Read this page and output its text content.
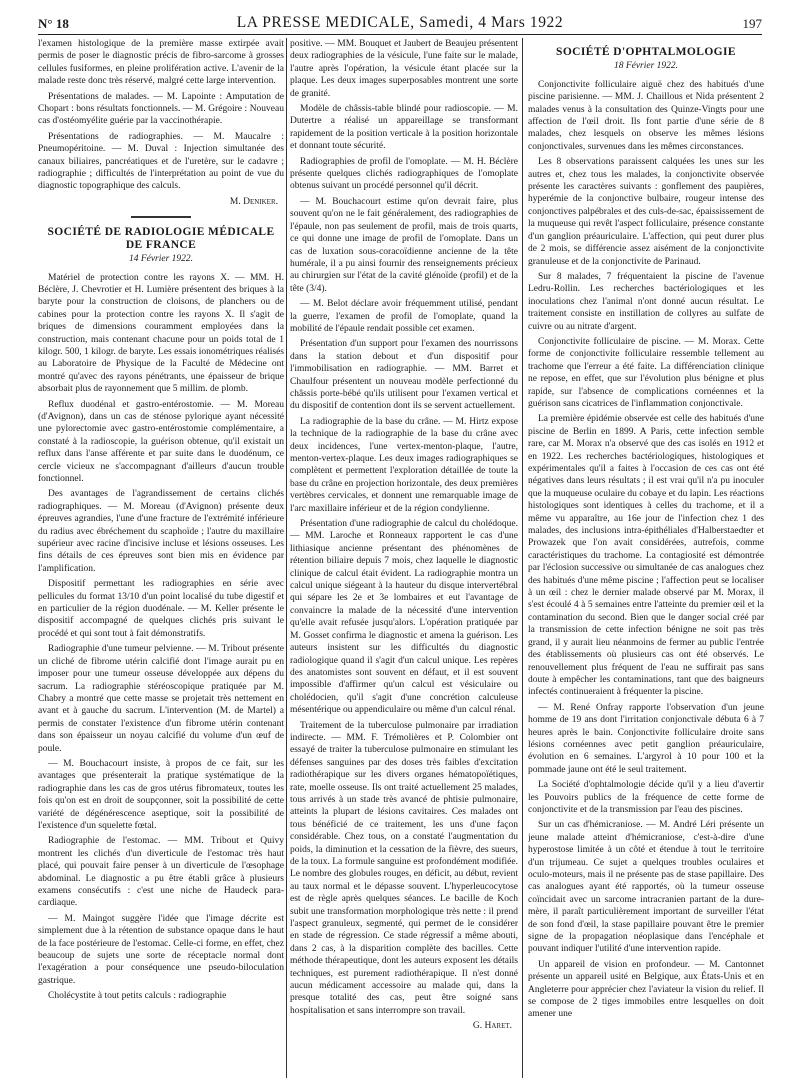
N° 18	LA PRESSE MEDICALE, Samedi, 4 Mars 1922	197

l'examen histologique de la première masse extirpée avait permis de poser le diagnostic précis de fibro-sarcome à grosses cellules fusiformes, en pleine prolifération active. L'avenir de la malade reste donc très réservé, malgré cette large intervention.

Présentations de malades. — M. Lapointe : Amputation de Chopart : bons résultats fonctionnels. — M. Grégoire : Nouveau cas d'ostéomyélite guérie par la vaccinothérapie.

Présentations de radiographies. — M. Maucalre : Pneumopéritoine. — M. Duval : Injection simultanée des canaux biliaires, pancréatiques et de l'uretère, sur le cadavre ; radiographie ; difficultés de l'interprétation au point de vue du diagnostic topographique des calculs.

M. Deniker.

SOCIÉTÉ DE RADIOLOGIE MÉDICALE DE FRANCE

14 Février 1922.

Matériel de protection contre les rayons X. — MM. H. Béclère, J. Chevrotier et H. Lumière présentent des briques à la baryte pour la construction de cloisons, de planchers ou de cabines pour la protection contre les rayons X. Il s'agit de briques de dimensions couramment employées dans la construction, mais contenant chacune pour un poids total de 1 kilogr. 500, 1 kilogr. de baryte. Les essais ionométriques réalisés au Laboratoire de Physique de la Faculté de Médecine ont montré qu'avec des rayons pénétrants, une épaisseur de brique absorbait plus de rayonnement que 5 millim. de plomb.

Reflux duodénal et gastro-entérostomie. — M. Moreau (d'Avignon), dans un cas de sténose pylorique ayant nécessité une pylorectomie avec gastro-entérostomie complémentaire, a constaté à la radioscopie, la guérison obtenue, qu'il existait un reflux dans l'anse afférente et par suite dans le duodénum, ce cercle vicieux ne s'accompagnant d'ailleurs d'aucun trouble fonctionnel.

Des avantages de l'agrandissement de certains clichés radiographiques. — M. Moreau (d'Avignon) présente deux épreuves agrandies, l'une d'une fracture de l'extrémité inférieure du radius avec ébréchement du scaphoïde ; l'autre du maxillaire supérieur avec racine d'incisive incluse et lésions osseuses. Les fins détails de ces épreuves sont bien mis en évidence par l'amplification.

Dispositif permettant les radiographies en série avec pellicules du format 13/10 d'un point localisé du tube digestif et en particulier de la région duodénale. — M. Keller présente le dispositif accompagné de quelques clichés pris suivant le procédé et qui sont tout à fait démonstratifs.

Radiographie d'une tumeur pelvienne. — M. Tribout présente un cliché de fibrome utérin calcifié dont l'image aurait pu en imposer pour une tumeur osseuse développée aux dépens du sacrum. La radiographie stéréoscopique pratiquée par M. Chabry a montré que cette masse se projetait très nettement en avant et à gauche du sacrum. L'intervention (M. de Martel) a permis de constater l'existence d'un fibrome utérin contenant dans son épaisseur un noyau calcifié du volume d'un œuf de poule.

— M. Bouchacourt insiste, à propos de ce fait, sur les avantages que présenterait la pratique systématique de la radiographie dans les cas de gros utérus fibromateux, toutes les fois qu'on est en droit de soupçonner, soit la possibilité de cette variété de dégénérescence aseptique, soit la possibilité de l'existence d'un squelette fœtal.

Radiographie de l'estomac. — MM. Tribout et Quivy montrent les clichés d'un diverticule de l'estomac très haut placé, qui pouvait faire penser à un diverticule de l'œsophage abdominal. Le diagnostic a pu être établi grâce à plusieurs examens consécutifs : c'est une niche de Haudeck para-cardiaque.

— M. Maingot suggère l'idée que l'image décrite est simplement due à la rétention de substance opaque dans le haut de la face postérieure de l'estomac. Celle-ci forme, en effet, chez beaucoup de sujets une sorte de réceptacle normal dont l'exagération a pour conséquence une pseudo-biloculation gastrique.

Cholécystite à tout petits calculs : radiographie

positive. — MM. Bouquet et Jaubert de Beaujeu présentent deux radiographies de la vésicule, l'une faite sur le malade, l'autre après l'opération, la vésicule étant placée sur la plaque. Les deux images superposables montrent une sorte de granité.

Modèle de châssis-table blindé pour radioscopie. — M. Dutertre a réalisé un appareillage se transformant rapidement de la position verticale à la position horizontale et donnant toute sécurité.

Radiographies de profil de l'omoplate. — M. H. Béclère présente quelques clichés radiographiques de l'omoplate obtenus suivant un procédé personnel qu'il décrit.

— M. Bouchacourt estime qu'on devrait faire, plus souvent qu'on ne le fait généralement, des radiographies de l'épaule, non pas seulement de profil, mais de trois quarts, ce qui donne une image de profil de l'omoplate. Dans un cas de luxation sous-coracoïdienne ancienne de la tête humérale, il a pu ainsi fournir des renseignements précieux au chirurgien sur l'état de la cavité glénoïde (profil) et de la tête (3/4).

— M. Belot déclare avoir fréquemment utilisé, pendant la guerre, l'examen de profil de l'omoplate, quand la mobilité de l'épaule rendait possible cet examen.

Présentation d'un support pour l'examen des nourrissons dans la station debout et d'un dispositif pour l'immobilisation en radiographie. — MM. Barret et Chaulfour présentent un nouveau modèle perfectionné du châssis porte-bébé qu'ils utilisent pour l'examen vertical et du dispositif de contention dont ils se servent actuellement.

La radiographie de la base du crâne. — M. Hirtz expose la technique de la radiographie de la base du crâne avec deux incidences, l'une vertex-menton-plaque, l'autre, menton-vertex-plaque. Les deux images radiographiques se complètent et permettent l'exploration détaillée de toute la base du crâne en projection horizontale, des deux premières vertèbres cervicales, et donnent une remarquable image de l'arc maxillaire inférieur et de la région condylienne.

Présentation d'une radiographie de calcul du cholédoque. — MM. Laroche et Ronneaux rapportent le cas d'une lithiasique ancienne présentant des phénomènes de rétention biliaire depuis 7 mois, chez laquelle le diagnostic clinique de calcul était évident. La radiographie montra un calcul unique siégeant à la hauteur du disque intervertébral qui sépare les 2e et 3e lombaires et eut l'avantage de convaincre la malade de la nécessité d'une intervention qu'elle avait refusée jusqu'alors. L'opération pratiquée par M. Gosset confirma le diagnostic et amena la guérison. Les auteurs insistent sur les difficultés du diagnostic radiologique quand il s'agit d'un calcul unique. Les repères des anatomistes sont souvent en défaut, et il est souvent impossible d'affirmer qu'un calcul est vésiculaire ou cholédocien, qu'il s'agit d'une concrétion calculeuse mésentérique ou appendiculaire ou même d'un calcul rénal.

Traitement de la tuberculose pulmonaire par irradiation indirecte. — MM. F. Trémolières et P. Colombier ont essayé de traiter la tuberculose pulmonaire en stimulant les défenses sanguines par des doses très faibles d'excitation radiothérapique sur les divers organes hématopoïétiques, rate, moelle osseuse. Ils ont traité actuellement 25 malades, tous arrivés à un stade très avancé de phtisie pulmonaire, atteints la plupart de lésions cavitaires. Ces malades ont tous bénéficié de ce traitement, les uns d'une façon considérable. Chez tous, on a constaté l'augmentation du poids, la diminution et la cessation de la fièvre, des sueurs, de la toux. La formule sanguine est profondément modifiée. Le nombre des globules rouges, en déficit, au début, revient au taux normal et le dépasse souvent. L'hyperleucocytose est de règle après quelques séances. Le bacille de Koch subit une transformation morphologique très nette : il prend l'aspect granuleux, segmenté, qui permet de le considérer en stade de régression. Ce stade régressif a même abouti, dans 2 cas, à la disparition complète des bacilles. Cette méthode thérapeutique, dont les auteurs exposent les détails techniques, est purement radiothérapique. Il n'est donné aucun médicament accessoire au malade qui, dans la presque totalité des cas, peut être soigné sans hospitalisation et sans interrompre son travail.

G. Haret.

SOCIÉTÉ D'OPHTALMOLOGIE

18 Février 1922.

Conjonctivite folliculaire aiguë chez des habitués d'une piscine parisienne. — MM. J. Chaillous et Nida présentent 2 malades venus à la consultation des Quinze-Vingts pour une affection de l'œil droit. Ils font partie d'une série de 8 malades, chez lesquels on observe les mêmes lésions conjonctivales, survenues dans les mêmes circonstances.

Les 8 observations paraissent calquées les unes sur les autres et, chez tous les malades, la conjonctivite observée présente les caractères suivants : gonflement des paupières, hyperémie de la conjonctive bulbaire, rougeur intense des conjonctives palpébrales et des culs-de-sac, épaississement de la muqueuse qui revêt l'aspect folliculaire, présence constante d'un ganglion préauriculaire. L'affection, qui peut durer plus de 2 mois, se différencie assez aisément de la conjonctivite granuleuse et de la conjonctivite de Parinaud.

Sur 8 malades, 7 fréquentaient la piscine de l'avenue Ledru-Rollin. Les recherches bactériologiques et les inoculations chez l'animal n'ont donné aucun résultat. Le traitement consiste en instillation de collyres au sulfate de cuivre ou au nitrate d'argent.

Conjonctivite folliculaire de piscine. — M. Morax. Cette forme de conjonctivite folliculaire ressemble tellement au trachome que l'erreur a été faite. La différenciation clinique ne repose, en effet, que sur l'évolution plus bénigne et plus rapide, sur l'absence de complications cornéennes et la guérison sans cicatrices de l'inflammation conjonctivale.

La première épidémie observée est celle des habitués d'une piscine de Berlin en 1899. A Paris, cette infection semble rare, car M. Morax n'a observé que des cas isolés en 1912 et en 1922. Les recherches bactériologiques, histologiques et expérimentales qu'il a faites à l'occasion de ces cas ont été négatives dans leurs résultats ; il est vrai qu'il n'a pu inoculer que la muqueuse oculaire du cobaye et du lapin. Les réactions histologiques sont identiques à celles du trachome, et il a même vu apparaître, au 16e jour de l'infection chez 1 des malades, des inclusions intra-épithéliales d'Halberstaedter et Prowazek que l'on avait considérées, autrefois, comme caractéristiques du trachome. La contagiosité est démontrée par l'éclosion successive ou simultanée de cas analogues chez des habitués d'une même piscine ; l'affection peut se localiser à un œil : chez le dernier malade observé par M. Morax, il s'est écoulé 4 à 5 semaines entre l'atteinte du premier œil et la contamination du second. Bien que le danger social créé par la transmission de cette infection bénigne ne soit pas très grand, il y aurait lieu néanmoins de fermer au public l'entrée des établissements où plusieurs cas ont été observés. Le renouvellement plus fréquent de l'eau ne suffirait pas sans doute à empêcher les contaminations, tant que des baigneurs infectés continueraient à fréquenter la piscine.

— M. René Onfray rapporte l'observation d'un jeune homme de 19 ans dont l'irritation conjonctivale débuta 6 à 7 heures après le bain. Conjonctivite folliculaire droite sans lésions cornéennes avec petit ganglion préauriculaire, évolution en 6 semaines. L'argyrol à 10 pour 100 et la pommade jaune ont été le seul traitement.

La Société d'ophtalmologie décide qu'il y a lieu d'avertir les Pouvoirs publics de la fréquence de cette forme de conjonctivite et de la transmission par l'eau des piscines.

Sur un cas d'hémicraniose. — M. André Léri présente un jeune malade atteint d'hémicraniose, c'est-à-dire d'une hyperostose limitée à un côté et étendue à tout le territoire d'un trijumeau. Ce sujet a quelques troubles oculaires et oculo-moteurs, mais il ne présente pas de stase papillaire. Des cas analogues ayant été rapportés, où la tumeur osseuse coïncidait avec un sarcome intracranien partant de la dure-mère, il paraît particulièrement important de surveiller l'état de son fond d'œil, la stase papillaire pouvant être le premier signe de la propagation néoplasique dans l'encéphale et pouvant indiquer l'utilité d'une intervention rapide.

Un appareil de vision en profondeur. — M. Cantonnet présente un appareil usité en Belgique, aux États-Unis et en Angleterre pour apprécier chez l'aviateur la vision du relief. Il se compose de 2 tiges immobiles entre lesquelles on doit amener une
